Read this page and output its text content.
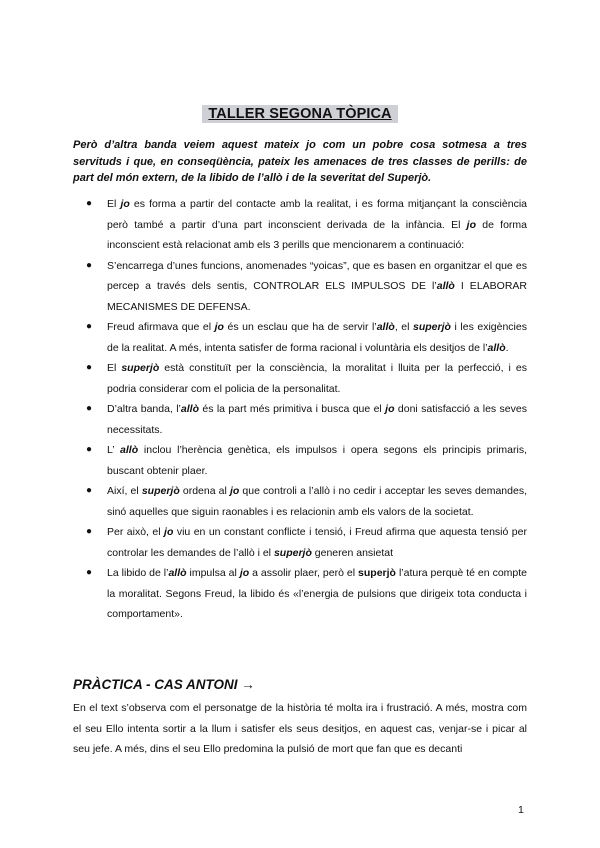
TALLER SEGONA TÒPICA

Però d’altra banda veiem aquest mateix jo com un pobre cosa sotmesa a tres servituds i que, en conseqüència, pateix les amenaces de tres classes de perills: de part del món extern, de la libido de l’allò i de la severitat del Superjò.

● El jo es forma a partir del contacte amb la realitat, i es forma mitjançant la consciència però també a partir d’una part inconscient derivada de la infància. El jo de forma inconscient està relacionat amb els 3 perills que mencionarem a continuació:
● S’encarrega d’unes funcions, anomenades “yoicas”, que es basen en organitzar el que es percep a través dels sentis, CONTROLAR ELS IMPULSOS DE l’allò I ELABORAR MECANISMES DE DEFENSA.
● Freud afirmava que el jo és un esclau que ha de servir l’allò, el superjò i les exigències de la realitat. A més, intenta satisfer de forma racional i voluntària els desitjos de l’allò.
● El superjò està constituït per la consciència, la moralitat i lluita per la perfecció, i es podria considerar com el policia de la personalitat.
● D’altra banda, l’allò és la part més primitiva i busca que el jo doni satisfacció a les seves necessitats.
● L’ allò inclou l’herència genètica, els impulsos i opera segons els principis primaris, buscant obtenir plaer.
● Així, el superjò ordena al jo que controli a l’allò i no cedir i acceptar les seves demandes, sinó aquelles que siguin raonables i es relacionin amb els valors de la societat.
● Per això, el jo viu en un constant conflicte i tensió, i Freud afirma que aquesta tensió per controlar les demandes de l’allò i el superjò generen ansietat
● La libido de l’allò impulsa al jo a assolir plaer, però el superjò l’atura perquè té en compte la moralitat. Segons Freud, la libido és «l’energia de pulsions que dirigeix tota conducta i comportament».
PRÀCTICA - CAS ANTONI →

En el text s’observa com el personatge de la història té molta ira i frustració. A més, mostra com el seu Ello intenta sortir a la llum i satisfer els seus desitjos, en aquest cas, venjar-se i picar al seu jefe. A més, dins el seu Ello predomina la pulsió de mort que fan que es decanti

1
